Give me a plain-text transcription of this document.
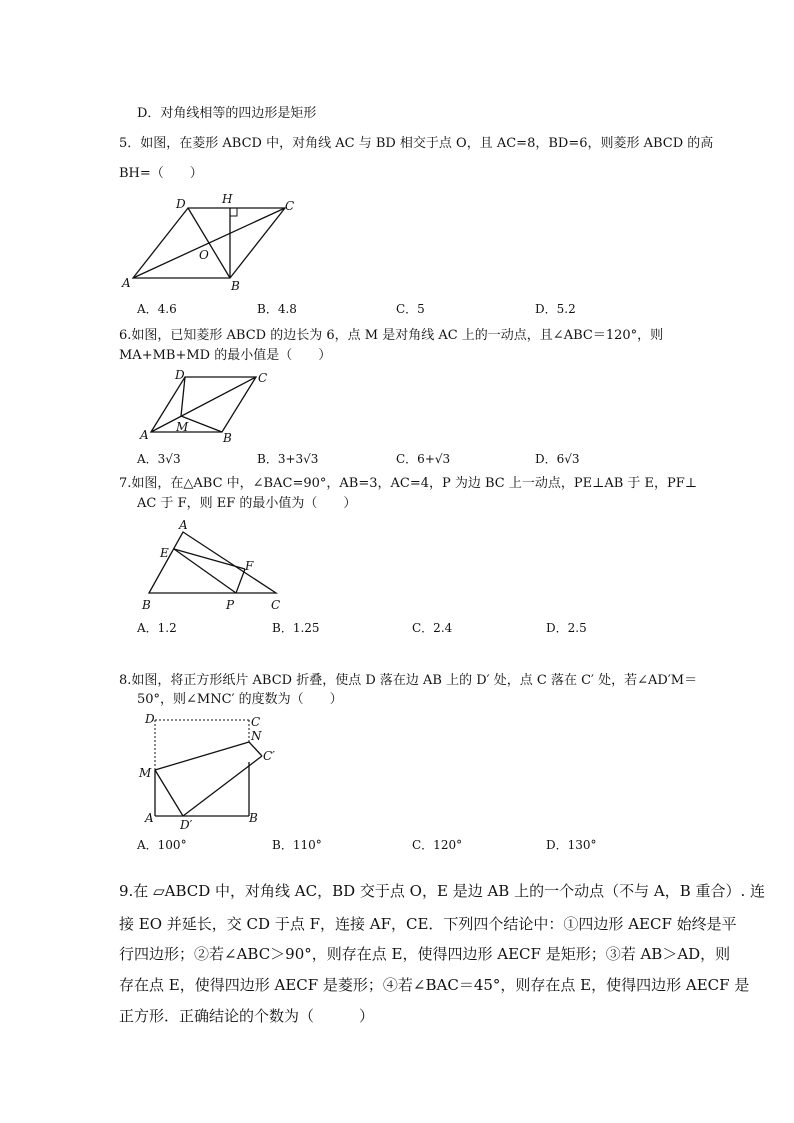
D．对角线相等的四边形是矩形
5．如图，在菱形 ABCD 中，对角线 AC 与 BD 相交于点 O，且 AC=8，BD=6，则菱形 ABCD 的高
BH=（　　）
A	B
C
D	H
O
A．4.6	B．4.8	C．5	D．5.2
6.如图，已知菱形 ABCD 的边长为 6，点 M 是对角线 AC 上的一动点，且∠ABC＝120°，则
MA+MB+MD 的最小值是（　　）
A	B
C
D
M
A．3√3	B．3+3√3	C．6+√3	D．6√3
7.如图，在△ABC 中，∠BAC=90°，AB=3，AC=4，P 为边 BC 上一动点，PE⊥AB 于 E，PF⊥
AC 于 F，则 EF 的最小值为（　　）
A
B	C
E
F
P
A．1.2	B．1.25	C．2.4	D．2.5
8.如图，将正方形纸片 ABCD 折叠，使点 D 落在边 AB 上的 D′ 处，点 C 落在 C′ 处，若∠AD′M＝
50°，则∠MNC′ 的度数为（　　）
D	C
N
C′
M
A	B
D′
A．100°	B．110°	C．120°	D．130°
9.在 ▱ABCD 中，对角线 AC，BD 交于点 O，E 是边 AB 上的一个动点（不与 A，B 重合）. 连
接 EO 并延长，交 CD 于点 F，连接 AF，CE．下列四个结论中：①四边形 AECF 始终是平
行四边形；②若∠ABC＞90°，则存在点 E，使得四边形 AECF 是矩形；③若 AB＞AD，则
存在点 E，使得四边形 AECF 是菱形；④若∠BAC＝45°，则存在点 E，使得四边形 AECF 是
正方形．正确结论的个数为（　　　）
